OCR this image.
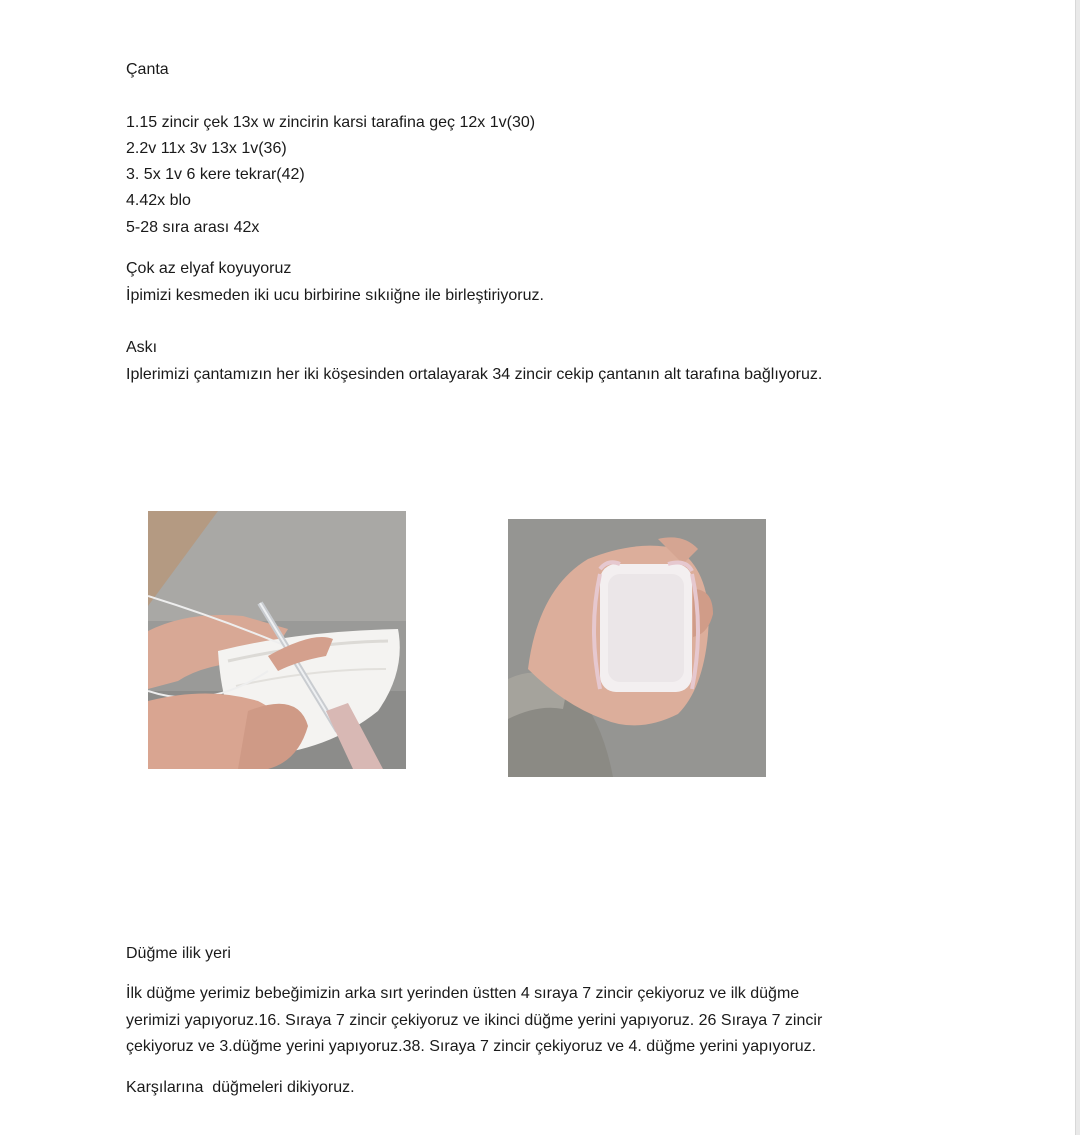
Çanta
1.15 zincir çek 13x w zincirin karsi tarafina geç 12x 1v(30)
2.2v 11x 3v 13x 1v(36)
3. 5x 1v 6 kere tekrar(42)
4.42x blo
5-28 sıra arası 42x
Çok az elyaf koyuyoruz
İpimizi kesmeden iki ucu birbirine sıkıiğne ile birleştiriyoruz.
Askı
Iplerimizi çantamızın her iki köşesinden ortalayarak 34 zincir cekip çantanın alt tarafına bağlıyoruz.
Düğme ilik yeri
İlk düğme yerimiz bebeğimizin arka sırt yerinden üstten 4 sıraya 7 zincir çekiyoruz ve ilk düğme
yerimizi yapıyoruz.16. Sıraya 7 zincir çekiyoruz ve ikinci düğme yerini yapıyoruz. 26 Sıraya 7 zincir
çekiyoruz ve 3.düğme yerini yapıyoruz.38. Sıraya 7 zincir çekiyoruz ve 4. düğme yerini yapıyoruz.
Karşılarına  düğmeleri dikiyoruz.
